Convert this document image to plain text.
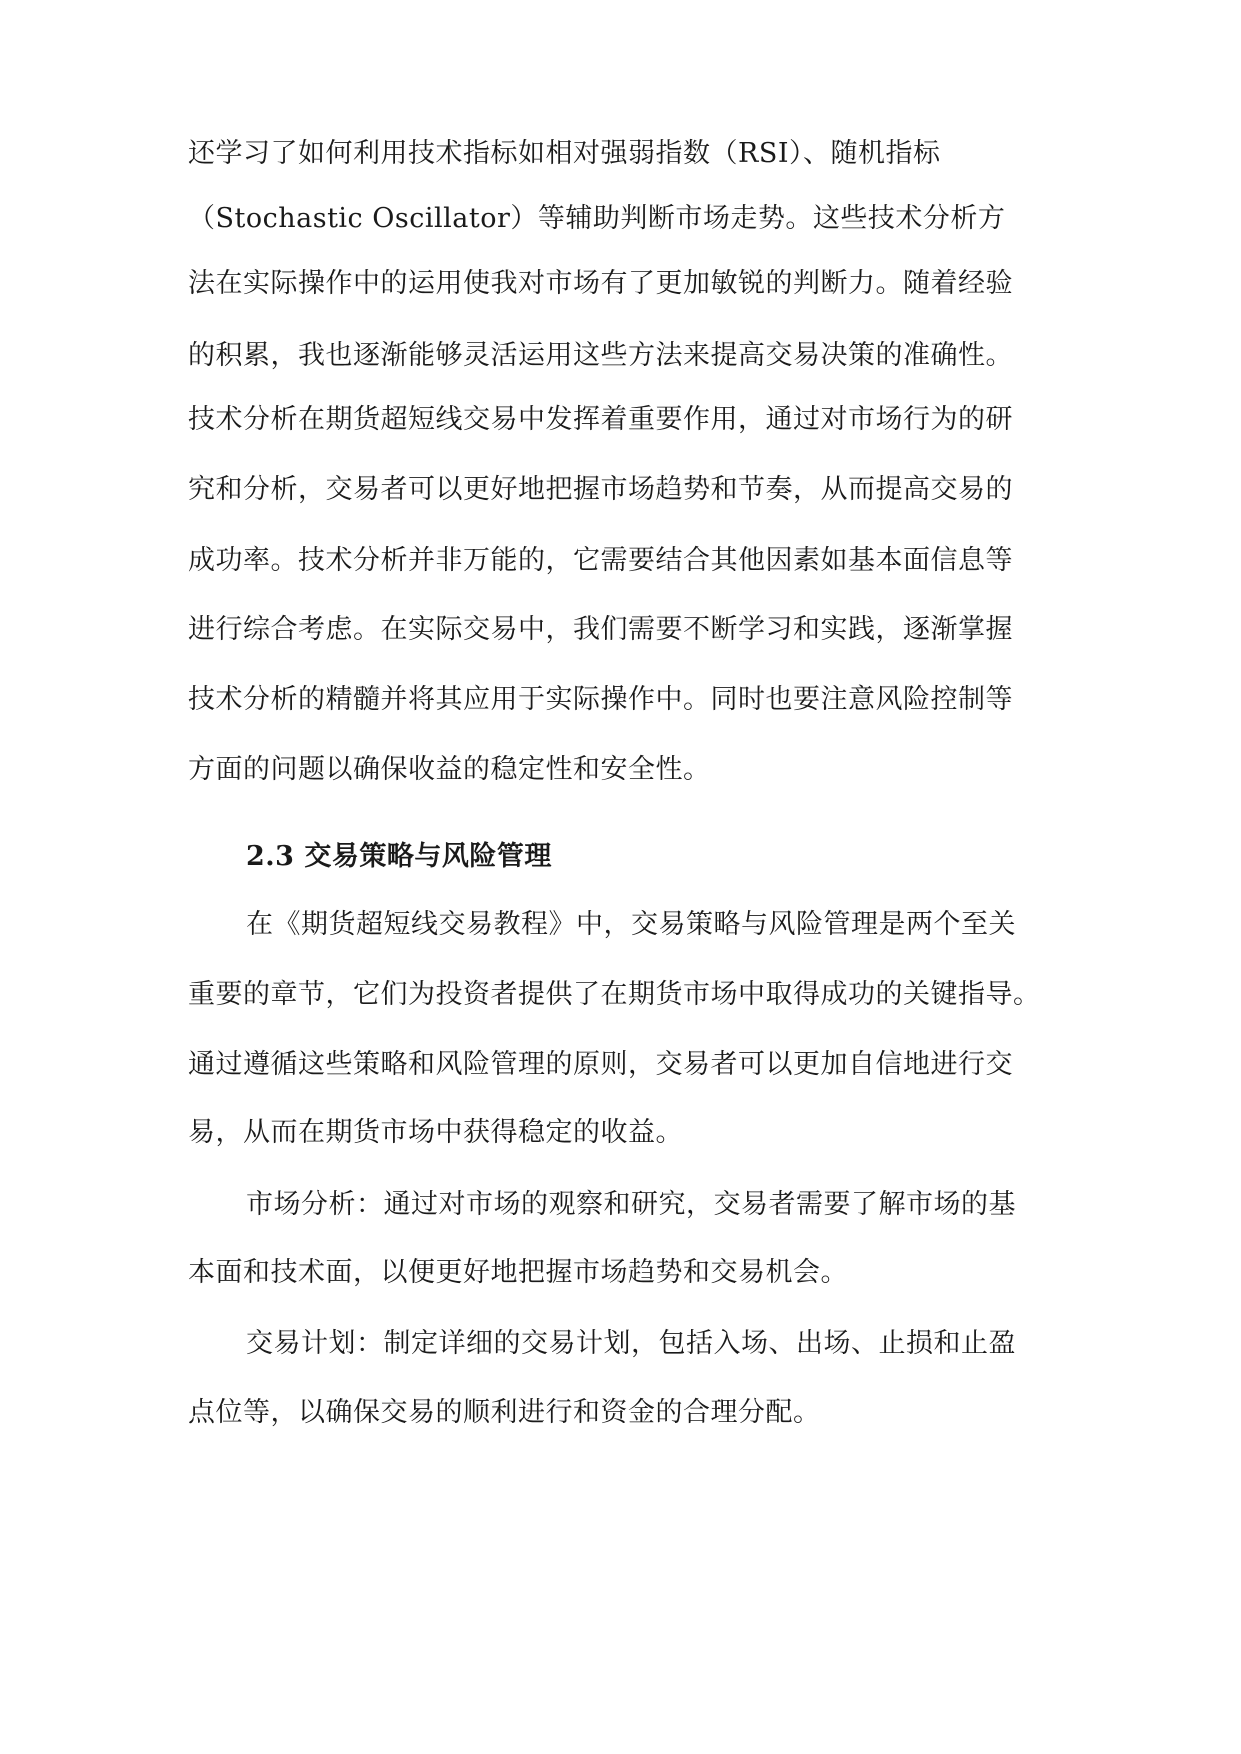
还学习了如何利用技术指标如相对强弱指数（RSI）、随机指标
（Stochastic Oscillator）等辅助判断市场走势。这些技术分析方
法在实际操作中的运用使我对市场有了更加敏锐的判断力。随着经验
的积累，我也逐渐能够灵活运用这些方法来提高交易决策的准确性。
技术分析在期货超短线交易中发挥着重要作用，通过对市场行为的研
究和分析，交易者可以更好地把握市场趋势和节奏，从而提高交易的
成功率。技术分析并非万能的，它需要结合其他因素如基本面信息等
进行综合考虑。在实际交易中，我们需要不断学习和实践，逐渐掌握
技术分析的精髓并将其应用于实际操作中。同时也要注意风险控制等
方面的问题以确保收益的稳定性和安全性。
2.3 交易策略与风险管理
在《期货超短线交易教程》中，交易策略与风险管理是两个至关
重要的章节，它们为投资者提供了在期货市场中取得成功的关键指导。
通过遵循这些策略和风险管理的原则，交易者可以更加自信地进行交
易，从而在期货市场中获得稳定的收益。
市场分析：通过对市场的观察和研究，交易者需要了解市场的基
本面和技术面，以便更好地把握市场趋势和交易机会。
交易计划：制定详细的交易计划，包括入场、出场、止损和止盈
点位等，以确保交易的顺利进行和资金的合理分配。
